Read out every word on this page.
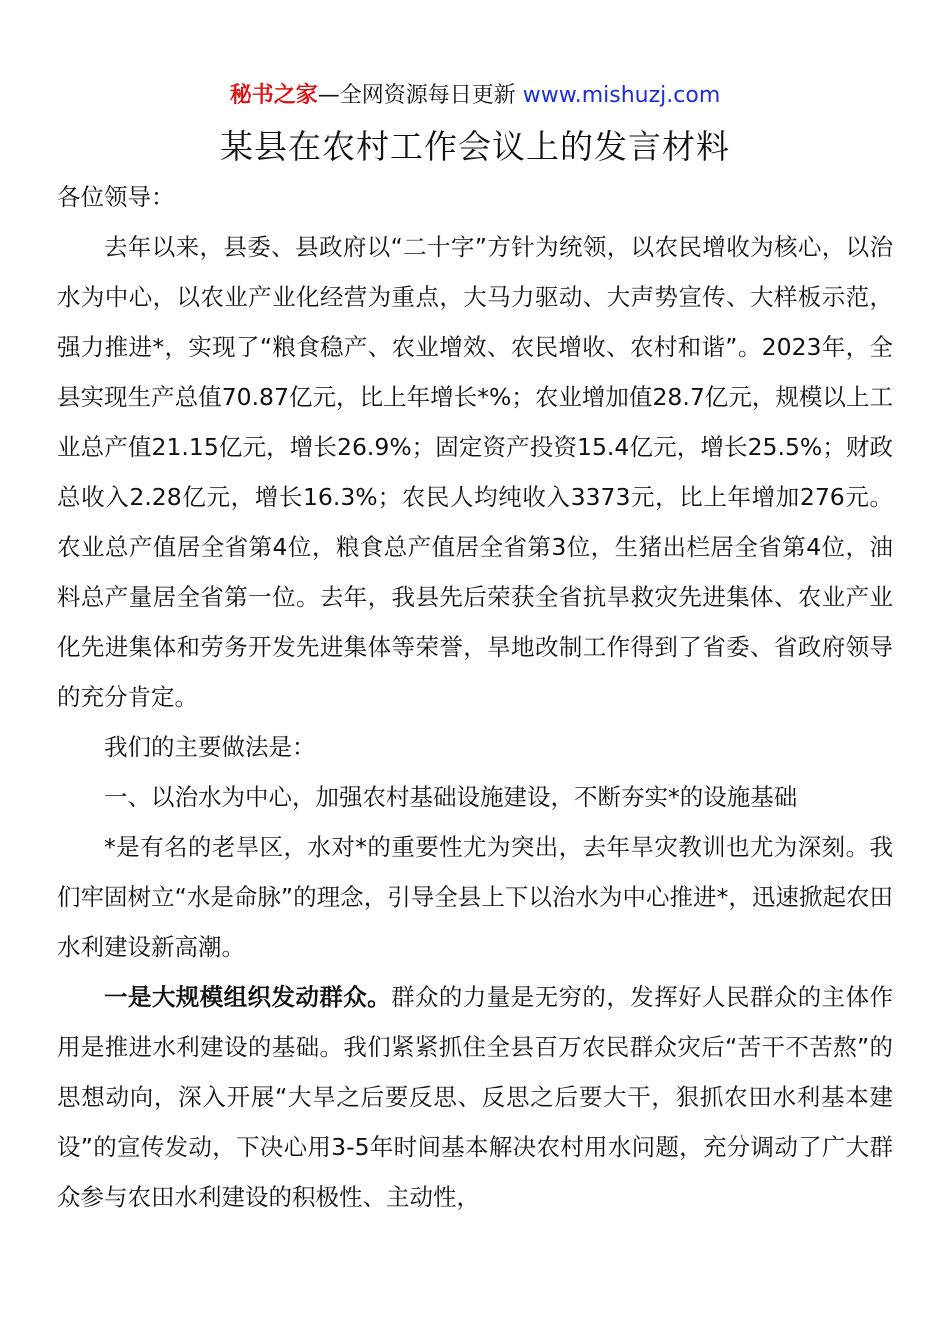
秘书之家—全网资源每日更新 www.mishuzj.com
某县在农村工作会议上的发言材料

各位领导：

去年以来，县委、县政府以“二十字”方针为统领，以农民增收为核心，以治水为中心，以农业产业化经营为重点，大马力驱动、大声势宣传、大样板示范，强力推进*，实现了“粮食稳产、农业增效、农民增收、农村和谐”。2023年，全县实现生产总值70.87亿元，比上年增长*%；农业增加值28.7亿元，规模以上工业总产值21.15亿元，增长26.9%；固定资产投资15.4亿元，增长25.5%；财政总收入2.28亿元，增长16.3%；农民人均纯收入3373元，比上年增加276元。农业总产值居全省第4位，粮食总产值居全省第3位，生猪出栏居全省第4位，油料总产量居全省第一位。去年，我县先后荣获全省抗旱救灾先进集体、农业产业化先进集体和劳务开发先进集体等荣誉，旱地改制工作得到了省委、省政府领导的充分肯定。

我们的主要做法是：

一、以治水为中心，加强农村基础设施建设，不断夯实*的设施基础

*是有名的老旱区，水对*的重要性尤为突出，去年旱灾教训也尤为深刻。我们牢固树立“水是命脉”的理念，引导全县上下以治水为中心推进*，迅速掀起农田水利建设新高潮。

一是大规模组织发动群众。群众的力量是无穷的，发挥好人民群众的主体作用是推进水利建设的基础。我们紧紧抓住全县百万农民群众灾后“苦干不苦熬”的思想动向，深入开展“大旱之后要反思、反思之后要大干，狠抓农田水利基本建设”的宣传发动，下决心用3-5年时间基本解决农村用水问题，充分调动了广大群众参与农田水利建设的积极性、主动性，
